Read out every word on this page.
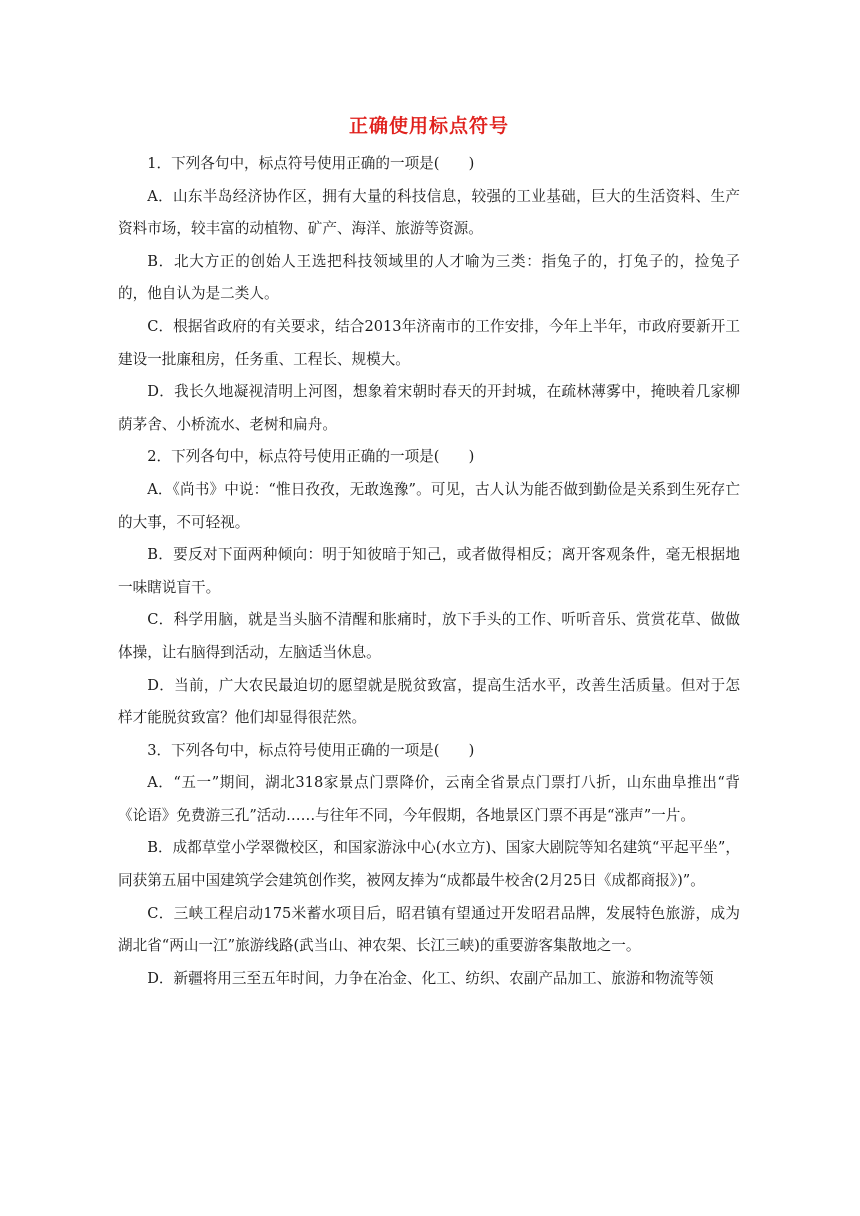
正确使用标点符号

1．下列各句中，标点符号使用正确的一项是(　　)

A．山东半岛经济协作区，拥有大量的科技信息，较强的工业基础，巨大的生活资料、生产资料市场，较丰富的动植物、矿产、海洋、旅游等资源。

B．北大方正的创始人王选把科技领域里的人才喻为三类：指兔子的，打兔子的，捡兔子的，他自认为是二类人。

C．根据省政府的有关要求，结合2013年济南市的工作安排，今年上半年，市政府要新开工建设一批廉租房，任务重、工程长、规模大。

D．我长久地凝视清明上河图，想象着宋朝时春天的开封城，在疏林薄雾中，掩映着几家柳荫茅舍、小桥流水、老树和扁舟。

2．下列各句中，标点符号使用正确的一项是(　　)

A．《尚书》中说：“惟日孜孜，无敢逸豫”。可见，古人认为能否做到勤俭是关系到生死存亡的大事，不可轻视。

B．要反对下面两种倾向：明于知彼暗于知己，或者做得相反；离开客观条件，毫无根据地一味瞎说盲干。

C．科学用脑，就是当头脑不清醒和胀痛时，放下手头的工作、听听音乐、赏赏花草、做做体操，让右脑得到活动，左脑适当休息。

D．当前，广大农民最迫切的愿望就是脱贫致富，提高生活水平，改善生活质量。但对于怎样才能脱贫致富？他们却显得很茫然。

3．下列各句中，标点符号使用正确的一项是(　　)

A．“五一”期间，湖北318家景点门票降价，云南全省景点门票打八折，山东曲阜推出“背《论语》免费游三孔”活动……与往年不同，今年假期，各地景区门票不再是“涨声”一片。

B．成都草堂小学翠微校区，和国家游泳中心(水立方)、国家大剧院等知名建筑“平起平坐”，同获第五届中国建筑学会建筑创作奖，被网友捧为“成都最牛校舍(2月25日《成都商报》)”。

C．三峡工程启动175米蓄水项目后，昭君镇有望通过开发昭君品牌，发展特色旅游，成为湖北省“两山一江”旅游线路(武当山、神农架、长江三峡)的重要游客集散地之一。

D．新疆将用三至五年时间，力争在冶金、化工、纺织、农副产品加工、旅游和物流等领
